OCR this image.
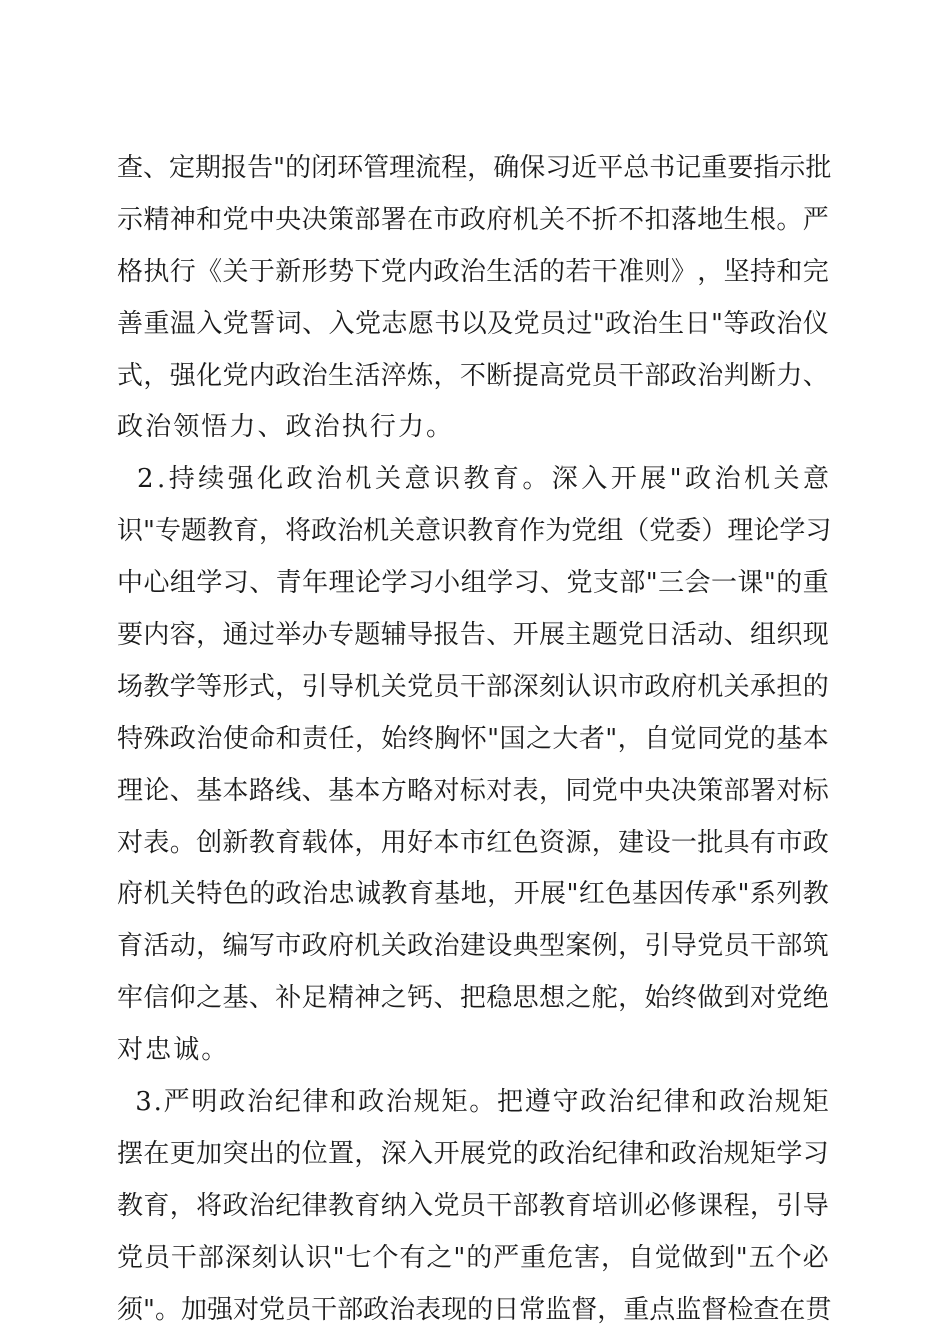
查 、 定 期 报 告 " 的 闭 环 管 理 流 程 ， 确 保 习 近 平 总 书 记 重 要 指 示 批
示 精 神 和 党 中 央 决 策 部 署 在 市 政 府 机 关 不 折 不 扣 落 地 生 根 。 严
格 执 行 《 关 于 新 形 势 下 党 内 政 治 生 活 的 若 干 准 则 》 ， 坚 持 和 完
善 重 温 入 党 誓 词 、 入 党 志 愿 书 以 及 党 员 过 " 政 治 生 日 " 等 政 治 仪
式 ， 强 化 党 内 政 治 生 活 淬 炼 ， 不 断 提 高 党 员 干 部 政 治 判 断 力 、
政 治 领 悟 力 、 政 治 执 行 力 。

2 . 持 续 强 化 政 治 机 关 意 识 教 育 。 深 入 开 展 " 政 治 机 关 意
识 " 专 题 教 育 ， 将 政 治 机 关 意 识 教 育 作 为 党 组 （ 党 委 ） 理 论 学 习
中 心 组 学 习 、 青 年 理 论 学 习 小 组 学 习 、 党 支 部 " 三 会 一 课 " 的 重
要 内 容 ， 通 过 举 办 专 题 辅 导 报 告 、 开 展 主 题 党 日 活 动 、 组 织 现
场 教 学 等 形 式 ， 引 导 机 关 党 员 干 部 深 刻 认 识 市 政 府 机 关 承 担 的
特 殊 政 治 使 命 和 责 任 ， 始 终 胸 怀 " 国 之 大 者 " ， 自 觉 同 党 的 基 本
理 论 、 基 本 路 线 、 基 本 方 略 对 标 对 表 ， 同 党 中 央 决 策 部 署 对 标
对 表 。 创 新 教 育 载 体 ， 用 好 本 市 红 色 资 源 ， 建 设 一 批 具 有 市 政
府 机 关 特 色 的 政 治 忠 诚 教 育 基 地 ， 开 展 " 红 色 基 因 传 承 " 系 列 教
育 活 动 ， 编 写 市 政 府 机 关 政 治 建 设 典 型 案 例 ， 引 导 党 员 干 部 筑
牢 信 仰 之 基 、 补 足 精 神 之 钙 、 把 稳 思 想 之 舵 ， 始 终 做 到 对 党 绝
对 忠 诚 。

3 . 严 明 政 治 纪 律 和 政 治 规 矩 。 把 遵 守 政 治 纪 律 和 政 治 规 矩
摆 在 更 加 突 出 的 位 置 ， 深 入 开 展 党 的 政 治 纪 律 和 政 治 规 矩 学 习
教 育 ， 将 政 治 纪 律 教 育 纳 入 党 员 干 部 教 育 培 训 必 修 课 程 ， 引 导
党 员 干 部 深 刻 认 识 " 七 个 有 之 " 的 严 重 危 害 ， 自 觉 做 到 " 五 个 必
须 " 。 加 强 对 党 员 干 部 政 治 表 现 的 日 常 监 督 ， 重 点 监 督 检 查 在 贯
